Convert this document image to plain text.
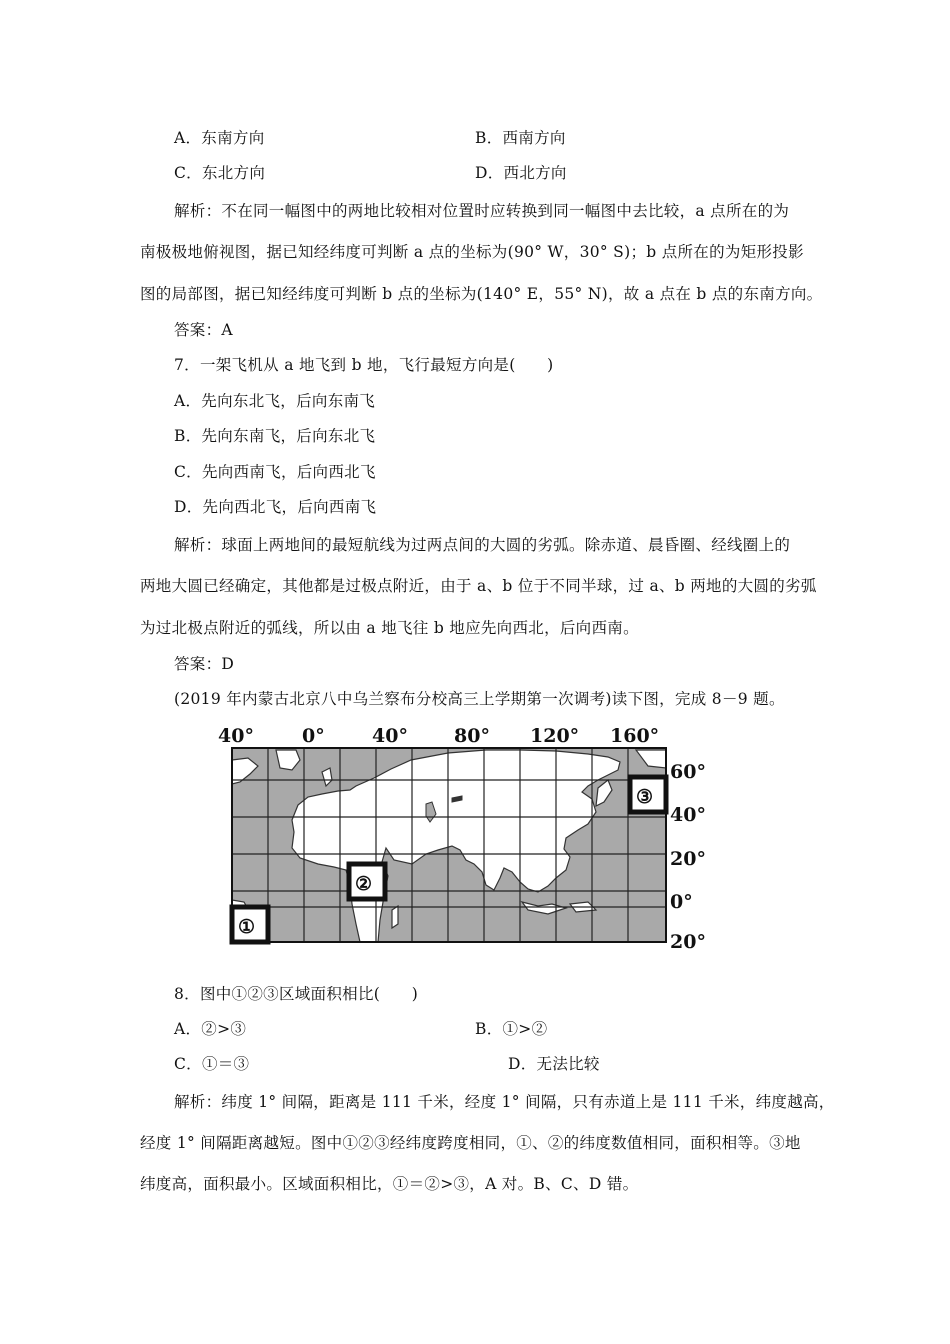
A．东南方向	B．西南方向
C．东北方向	D．西北方向
解析：不在同一幅图中的两地比较相对位置时应转换到同一幅图中去比较，a 点所在的为
南极极地俯视图，据已知经纬度可判断 a 点的坐标为(90° W，30° S)；b 点所在的为矩形投影
图的局部图，据已知经纬度可判断 b 点的坐标为(140° E，55° N)，故 a 点在 b 点的东南方向。
答案：A
7．一架飞机从 a 地飞到 b 地，飞行最短方向是(　　)
A．先向东北飞，后向东南飞
B．先向东南飞，后向东北飞
C．先向西南飞，后向西北飞
D．先向西北飞，后向西南飞
解析：球面上两地间的最短航线为过两点间的大圆的劣弧。除赤道、晨昏圈、经线圈上的
两地大圆已经确定，其他都是过极点附近，由于 a、b 位于不同半球，过 a、b 两地的大圆的劣弧
为过北极点附近的弧线，所以由 a 地飞往 b 地应先向西北，后向西南。
答案：D
(2019 年内蒙古北京八中乌兰察布分校高三上学期第一次调考)读下图，完成 8－9 题。
40°	0° 40° 80° 120° 160°
①
②
③
60°
40°
20°
0°
20°
8．图中①②③区域面积相比(　　)
A．②>③	B．①>②
C．①＝③	D．无法比较
解析：纬度 1° 间隔，距离是 111 千米，经度 1° 间隔，只有赤道上是 111 千米，纬度越高，
经度 1° 间隔距离越短。图中①②③经纬度跨度相同，①、②的纬度数值相同，面积相等。③地
纬度高，面积最小。区域面积相比，①＝②>③，A 对。B、C、D 错。
